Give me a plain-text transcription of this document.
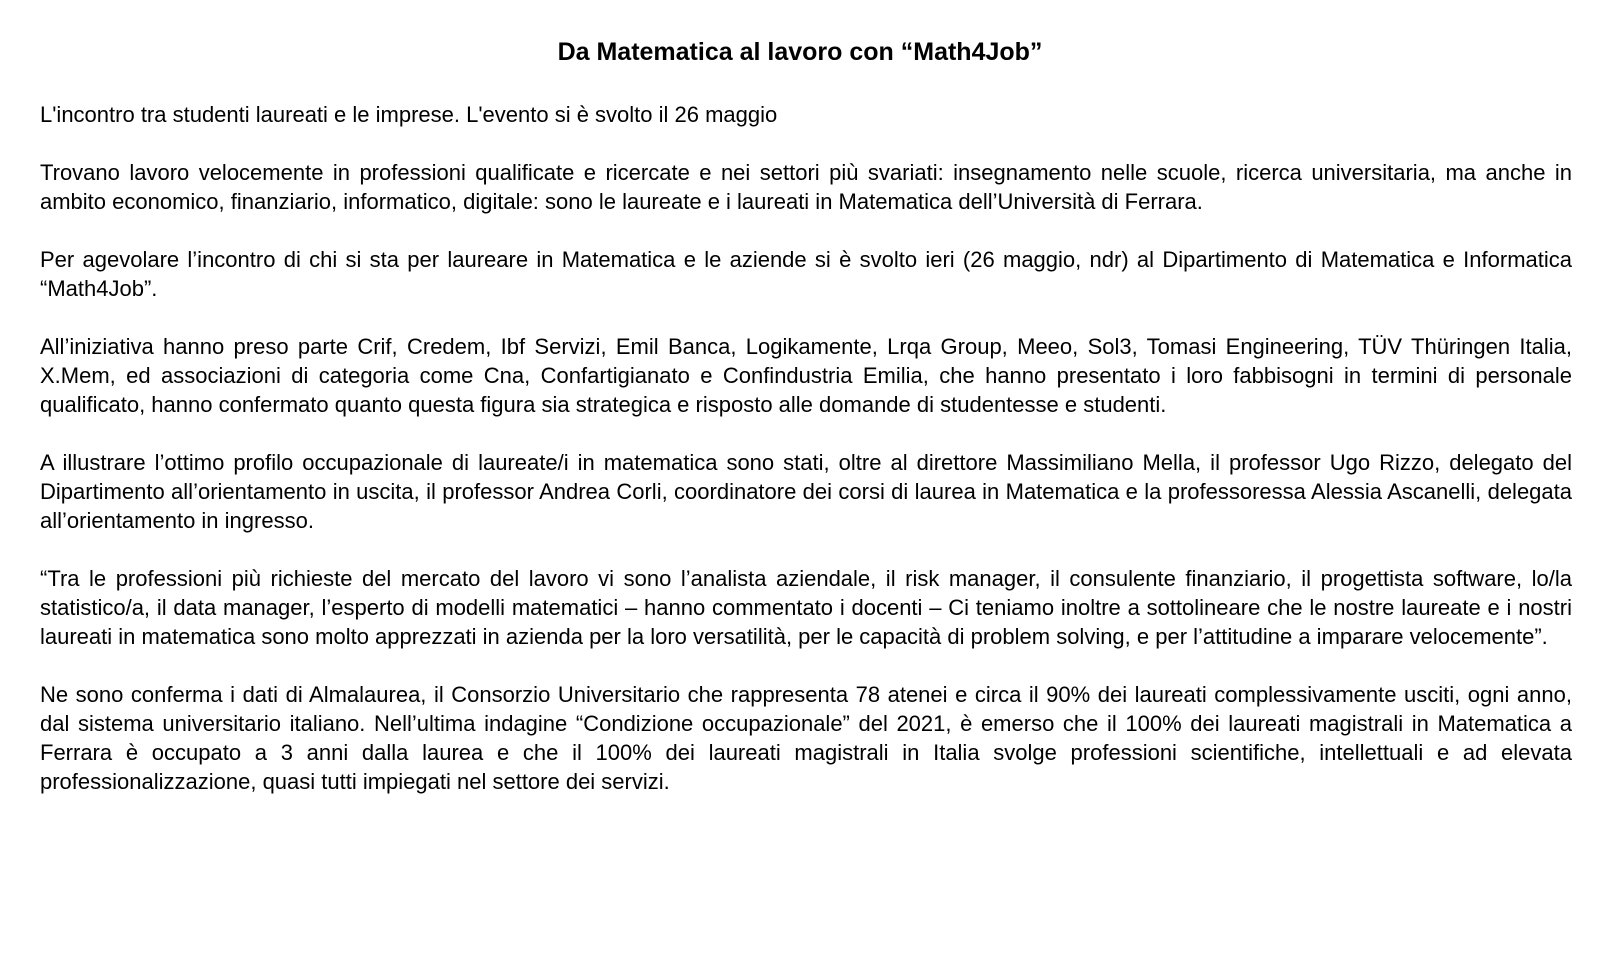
Da Matematica al lavoro con “Math4Job”

L'incontro tra studenti laureati e le imprese. L'evento si è svolto il 26 maggio

Trovano lavoro velocemente in professioni qualificate e ricercate e nei settori più svariati: insegnamento nelle scuole, ricerca universitaria, ma anche in ambito economico, finanziario, informatico, digitale: sono le laureate e i laureati in Matematica dell’Università di Ferrara.

Per agevolare l’incontro di chi si sta per laureare in Matematica e le aziende si è svolto ieri (26 maggio, ndr) al Dipartimento di Matematica e Informatica “Math4Job”.

All’iniziativa hanno preso parte Crif, Credem, Ibf Servizi, Emil Banca, Logikamente, Lrqa Group, Meeo, Sol3, Tomasi Engineering, TÜV Thüringen Italia, X.Mem, ed associazioni di categoria come Cna, Confartigianato e Confindustria Emilia, che hanno presentato i loro fabbisogni in termini di personale qualificato, hanno confermato quanto questa figura sia strategica e risposto alle domande di studentesse e studenti.

A illustrare l’ottimo profilo occupazionale di laureate/i in matematica sono stati, oltre al direttore Massimiliano Mella, il professor Ugo Rizzo, delegato del Dipartimento all’orientamento in uscita, il professor Andrea Corli, coordinatore dei corsi di laurea in Matematica e la professoressa Alessia Ascanelli, delegata all’orientamento in ingresso.

“Tra le professioni più richieste del mercato del lavoro vi sono l’analista aziendale, il risk manager, il consulente finanziario, il progettista software, lo/la statistico/a, il data manager, l’esperto di modelli matematici – hanno commentato i docenti – Ci teniamo inoltre a sottolineare che le nostre laureate e i nostri laureati in matematica sono molto apprezzati in azienda per la loro versatilità, per le capacità di problem solving, e per l’attitudine a imparare velocemente”.

Ne sono conferma i dati di Almalaurea, il Consorzio Universitario che rappresenta 78 atenei e circa il 90% dei laureati complessivamente usciti, ogni anno, dal sistema universitario italiano. Nell’ultima indagine “Condizione occupazionale” del 2021, è emerso che il 100% dei laureati magistrali in Matematica a Ferrara è occupato a 3 anni dalla laurea e che il 100% dei laureati magistrali in Italia svolge professioni scientifiche, intellettuali e ad elevata professionalizzazione, quasi tutti impiegati nel settore dei servizi.
